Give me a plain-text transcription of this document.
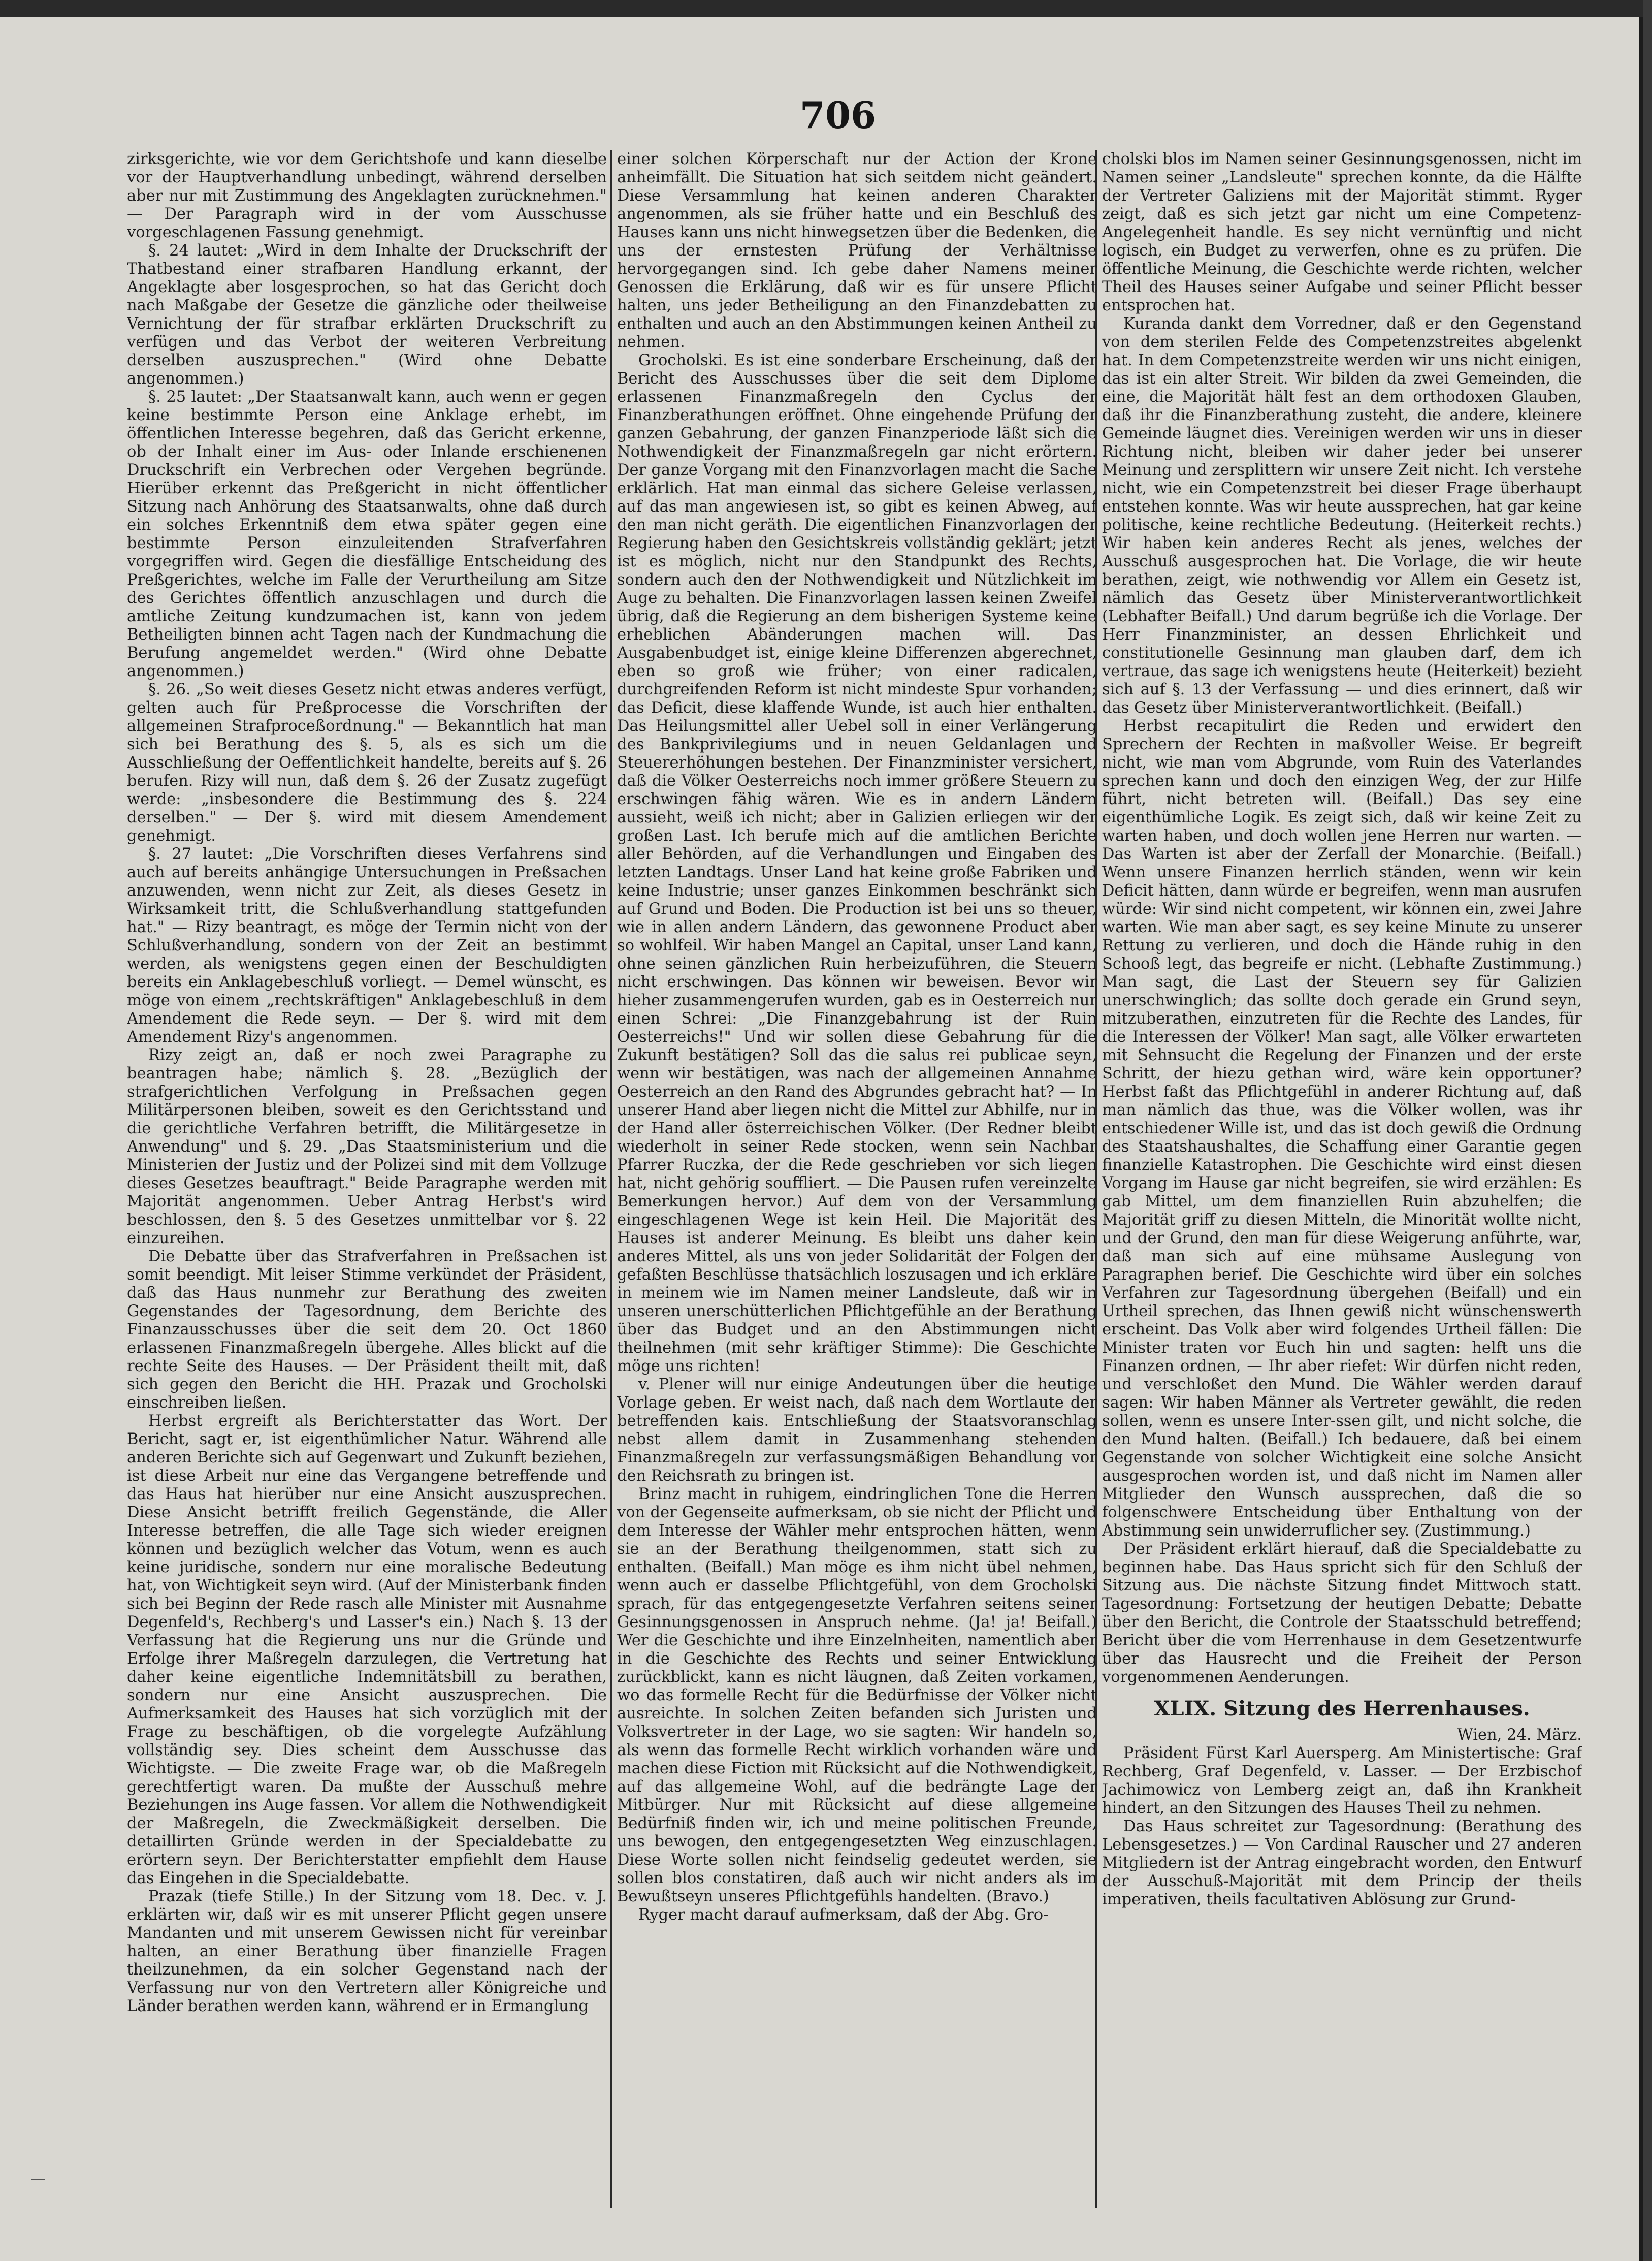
706

zirksgerichte, wie vor dem Gerichtshofe und kann dieselbe vor der Hauptverhandlung unbedingt, während derselben aber nur mit Zustimmung des Angeklagten zurücknehmen." — Der Paragraph wird in der vom Ausschusse vorgeschlagenen Fassung genehmigt.

§. 24 lautet: „Wird in dem Inhalte der Druckschrift der Thatbestand einer strafbaren Handlung erkannt, der Angeklagte aber losgesprochen, so hat das Gericht doch nach Maßgabe der Gesetze die gänzliche oder theilweise Vernichtung der für strafbar erklärten Druckschrift zu verfügen und das Verbot der weiteren Verbreitung derselben auszusprechen." (Wird ohne Debatte angenommen.)

§. 25 lautet: „Der Staatsanwalt kann, auch wenn er gegen keine bestimmte Person eine Anklage erhebt, im öffentlichen Interesse begehren, daß das Gericht erkenne, ob der Inhalt einer im Aus- oder Inlande erschienenen Druckschrift ein Verbrechen oder Vergehen begründe. Hierüber erkennt das Preßgericht in nicht öffentlicher Sitzung nach Anhörung des Staatsanwalts, ohne daß durch ein solches Erkenntniß dem etwa später gegen eine bestimmte Person einzuleitenden Strafverfahren vorgegriffen wird. Gegen die diesfällige Entscheidung des Preßgerichtes, welche im Falle der Verurtheilung am Sitze des Gerichtes öffentlich anzuschlagen und durch die amtliche Zeitung kundzumachen ist, kann von jedem Betheiligten binnen acht Tagen nach der Kundmachung die Berufung angemeldet werden." (Wird ohne Debatte angenommen.)

§. 26. „So weit dieses Gesetz nicht etwas anderes verfügt, gelten auch für Preßprocesse die Vorschriften der allgemeinen Strafproceßordnung." — Bekanntlich hat man sich bei Berathung des §. 5, als es sich um die Ausschließung der Oeffentlichkeit handelte, bereits auf §. 26 berufen. Rizy will nun, daß dem §. 26 der Zusatz zugefügt werde: „insbesondere die Bestimmung des §. 224 derselben." — Der §. wird mit diesem Amendement genehmigt.

§. 27 lautet: „Die Vorschriften dieses Verfahrens sind auch auf bereits anhängige Untersuchungen in Preßsachen anzuwenden, wenn nicht zur Zeit, als dieses Gesetz in Wirksamkeit tritt, die Schlußverhandlung stattgefunden hat." — Rizy beantragt, es möge der Termin nicht von der Schlußverhandlung, sondern von der Zeit an bestimmt werden, als wenigstens gegen einen der Beschuldigten bereits ein Anklagebeschluß vorliegt. — Demel wünscht, es möge von einem „rechtskräftigen" Anklagebeschluß in dem Amendement die Rede seyn. — Der §. wird mit dem Amendement Rizy's angenommen.

Rizy zeigt an, daß er noch zwei Paragraphe zu beantragen habe; nämlich §. 28. „Bezüglich der strafgerichtlichen Verfolgung in Preßsachen gegen Militärpersonen bleiben, soweit es den Gerichtsstand und die gerichtliche Verfahren betrifft, die Militärgesetze in Anwendung" und §. 29. „Das Staatsministerium und die Ministerien der Justiz und der Polizei sind mit dem Vollzuge dieses Gesetzes beauftragt." Beide Paragraphe werden mit Majorität angenommen. Ueber Antrag Herbst's wird beschlossen, den §. 5 des Gesetzes unmittelbar vor §. 22 einzureihen.

Die Debatte über das Strafverfahren in Preßsachen ist somit beendigt. Mit leiser Stimme verkündet der Präsident, daß das Haus nunmehr zur Berathung des zweiten Gegenstandes der Tagesordnung, dem Berichte des Finanzausschusses über die seit dem 20. Oct 1860 erlassenen Finanzmaßregeln übergehe. Alles blickt auf die rechte Seite des Hauses. — Der Präsident theilt mit, daß sich gegen den Bericht die HH. Prazak und Grocholski einschreiben ließen.

Herbst ergreift als Berichterstatter das Wort. Der Bericht, sagt er, ist eigenthümlicher Natur. Während alle anderen Berichte sich auf Gegenwart und Zukunft beziehen, ist diese Arbeit nur eine das Vergangene betreffende und das Haus hat hierüber nur eine Ansicht auszusprechen. Diese Ansicht betrifft freilich Gegenstände, die Aller Interesse betreffen, die alle Tage sich wieder ereignen können und bezüglich welcher das Votum, wenn es auch keine juridische, sondern nur eine moralische Bedeutung hat, von Wichtigkeit seyn wird. (Auf der Ministerbank finden sich bei Beginn der Rede rasch alle Minister mit Ausnahme Degenfeld's, Rechberg's und Lasser's ein.) Nach §. 13 der Verfassung hat die Regierung uns nur die Gründe und Erfolge ihrer Maßregeln darzulegen, die Vertretung hat daher keine eigentliche Indemnitätsbill zu berathen, sondern nur eine Ansicht auszusprechen. Die Aufmerksamkeit des Hauses hat sich vorzüglich mit der Frage zu beschäftigen, ob die vorgelegte Aufzählung vollständig sey. Dies scheint dem Ausschusse das Wichtigste. — Die zweite Frage war, ob die Maßregeln gerechtfertigt waren. Da mußte der Ausschuß mehre Beziehungen ins Auge fassen. Vor allem die Nothwendigkeit der Maßregeln, die Zweckmäßigkeit derselben. Die detaillirten Gründe werden in der Specialdebatte zu erörtern seyn. Der Berichterstatter empfiehlt dem Hause das Eingehen in die Specialdebatte.

Prazak (tiefe Stille.) In der Sitzung vom 18. Dec. v. J. erklärten wir, daß wir es mit unserer Pflicht gegen unsere Mandanten und mit unserem Gewissen nicht für vereinbar halten, an einer Berathung über finanzielle Fragen theilzunehmen, da ein solcher Gegenstand nach der Verfassung nur von den Vertretern aller Königreiche und Länder berathen werden kann, während er in Ermanglung

einer solchen Körperschaft nur der Action der Krone anheimfällt. Die Situation hat sich seitdem nicht geändert. Diese Versammlung hat keinen anderen Charakter angenommen, als sie früher hatte und ein Beschluß des Hauses kann uns nicht hinwegsetzen über die Bedenken, die uns der ernstesten Prüfung der Verhältnisse hervorgegangen sind. Ich gebe daher Namens meiner Genossen die Erklärung, daß wir es für unsere Pflicht halten, uns jeder Betheiligung an den Finanzdebatten zu enthalten und auch an den Abstimmungen keinen Antheil zu nehmen.

Grocholski. Es ist eine sonderbare Erscheinung, daß der Bericht des Ausschusses über die seit dem Diplome erlassenen Finanzmaßregeln den Cyclus der Finanzberathungen eröffnet. Ohne eingehende Prüfung der ganzen Gebahrung, der ganzen Finanzperiode läßt sich die Nothwendigkeit der Finanzmaßregeln gar nicht erörtern. Der ganze Vorgang mit den Finanzvorlagen macht die Sache erklärlich. Hat man einmal das sichere Geleise verlassen, auf das man angewiesen ist, so gibt es keinen Abweg, auf den man nicht geräth. Die eigentlichen Finanzvorlagen der Regierung haben den Gesichtskreis vollständig geklärt; jetzt ist es möglich, nicht nur den Standpunkt des Rechts, sondern auch den der Nothwendigkeit und Nützlichkeit im Auge zu behalten. Die Finanzvorlagen lassen keinen Zweifel übrig, daß die Regierung an dem bisherigen Systeme keine erheblichen Abänderungen machen will. Das Ausgabenbudget ist, einige kleine Differenzen abgerechnet, eben so groß wie früher; von einer radicalen, durchgreifenden Reform ist nicht mindeste Spur vorhanden; das Deficit, diese klaffende Wunde, ist auch hier enthalten. Das Heilungsmittel aller Uebel soll in einer Verlängerung des Bankprivilegiums und in neuen Geldanlagen und Steuererhöhungen bestehen. Der Finanzminister versichert, daß die Völker Oesterreichs noch immer größere Steuern zu erschwingen fähig wären. Wie es in andern Ländern aussieht, weiß ich nicht; aber in Galizien erliegen wir der großen Last. Ich berufe mich auf die amtlichen Berichte aller Behörden, auf die Verhandlungen und Eingaben des letzten Landtags. Unser Land hat keine große Fabriken und keine Industrie; unser ganzes Einkommen beschränkt sich auf Grund und Boden. Die Production ist bei uns so theuer, wie in allen andern Ländern, das gewonnene Product aber so wohlfeil. Wir haben Mangel an Capital, unser Land kann, ohne seinen gänzlichen Ruin herbeizuführen, die Steuern nicht erschwingen. Das können wir beweisen. Bevor wir hieher zusammengerufen wurden, gab es in Oesterreich nur einen Schrei: „Die Finanzgebahrung ist der Ruin Oesterreichs!" Und wir sollen diese Gebahrung für die Zukunft bestätigen? Soll das die salus rei publicae seyn, wenn wir bestätigen, was nach der allgemeinen Annahme Oesterreich an den Rand des Abgrundes gebracht hat? — In unserer Hand aber liegen nicht die Mittel zur Abhilfe, nur in der Hand aller österreichischen Völker. (Der Redner bleibt wiederholt in seiner Rede stocken, wenn sein Nachbar Pfarrer Ruczka, der die Rede geschrieben vor sich liegen hat, nicht gehörig souffliert. — Die Pausen rufen vereinzelte Bemerkungen hervor.) Auf dem von der Versammlung eingeschlagenen Wege ist kein Heil. Die Majorität des Hauses ist anderer Meinung. Es bleibt uns daher kein anderes Mittel, als uns von jeder Solidarität der Folgen der gefaßten Beschlüsse thatsächlich loszusagen und ich erkläre in meinem wie im Namen meiner Landsleute, daß wir in unseren unerschütterlichen Pflichtgefühle an der Berathung über das Budget und an den Abstimmungen nicht theilnehmen (mit sehr kräftiger Stimme): Die Geschichte möge uns richten!

v. Plener will nur einige Andeutungen über die heutige Vorlage geben. Er weist nach, daß nach dem Wortlaute der betreffenden kais. Entschließung der Staatsvoranschlag nebst allem damit in Zusammenhang stehenden Finanzmaßregeln zur verfassungsmäßigen Behandlung vor den Reichsrath zu bringen ist.

Brinz macht in ruhigem, eindringlichen Tone die Herren von der Gegenseite aufmerksam, ob sie nicht der Pflicht und dem Interesse der Wähler mehr entsprochen hätten, wenn sie an der Berathung theilgenommen, statt sich zu enthalten. (Beifall.) Man möge es ihm nicht übel nehmen, wenn auch er dasselbe Pflichtgefühl, von dem Grocholski sprach, für das entgegengesetzte Verfahren seitens seiner Gesinnungsgenossen in Anspruch nehme. (Ja! ja! Beifall.) Wer die Geschichte und ihre Einzelnheiten, namentlich aber in die Geschichte des Rechts und seiner Entwicklung zurückblickt, kann es nicht läugnen, daß Zeiten vorkamen, wo das formelle Recht für die Bedürfnisse der Völker nicht ausreichte. In solchen Zeiten befanden sich Juristen und Volksvertreter in der Lage, wo sie sagten: Wir handeln so, als wenn das formelle Recht wirklich vorhanden wäre und machen diese Fiction mit Rücksicht auf die Nothwendigkeit, auf das allgemeine Wohl, auf die bedrängte Lage der Mitbürger. Nur mit Rücksicht auf diese allgemeine Bedürfniß finden wir, ich und meine politischen Freunde, uns bewogen, den entgegengesetzten Weg einzuschlagen. Diese Worte sollen nicht feindselig gedeutet werden, sie sollen blos constatiren, daß auch wir nicht anders als im Bewußtseyn unseres Pflichtgefühls handelten. (Bravo.)

Ryger macht darauf aufmerksam, daß der Abg. Gro-

cholski blos im Namen seiner Gesinnungsgenossen, nicht im Namen seiner „Landsleute" sprechen konnte, da die Hälfte der Vertreter Galiziens mit der Majorität stimmt. Ryger zeigt, daß es sich jetzt gar nicht um eine Competenz-Angelegenheit handle. Es sey nicht vernünftig und nicht logisch, ein Budget zu verwerfen, ohne es zu prüfen. Die öffentliche Meinung, die Geschichte werde richten, welcher Theil des Hauses seiner Aufgabe und seiner Pflicht besser entsprochen hat.

Kuranda dankt dem Vorredner, daß er den Gegenstand von dem sterilen Felde des Competenzstreites abgelenkt hat. In dem Competenzstreite werden wir uns nicht einigen, das ist ein alter Streit. Wir bilden da zwei Gemeinden, die eine, die Majorität hält fest an dem orthodoxen Glauben, daß ihr die Finanzberathung zusteht, die andere, kleinere Gemeinde läugnet dies. Vereinigen werden wir uns in dieser Richtung nicht, bleiben wir daher jeder bei unserer Meinung und zersplittern wir unsere Zeit nicht. Ich verstehe nicht, wie ein Competenzstreit bei dieser Frage überhaupt entstehen konnte. Was wir heute aussprechen, hat gar keine politische, keine rechtliche Bedeutung. (Heiterkeit rechts.) Wir haben kein anderes Recht als jenes, welches der Ausschuß ausgesprochen hat. Die Vorlage, die wir heute berathen, zeigt, wie nothwendig vor Allem ein Gesetz ist, nämlich das Gesetz über Ministerverantwortlichkeit (Lebhafter Beifall.) Und darum begrüße ich die Vorlage. Der Herr Finanzminister, an dessen Ehrlichkeit und constitutionelle Gesinnung man glauben darf, dem ich vertraue, das sage ich wenigstens heute (Heiterkeit) bezieht sich auf §. 13 der Verfassung — und dies erinnert, daß wir das Gesetz über Ministerverantwortlichkeit. (Beifall.)

Herbst recapitulirt die Reden und erwidert den Sprechern der Rechten in maßvoller Weise. Er begreift nicht, wie man vom Abgrunde, vom Ruin des Vaterlandes sprechen kann und doch den einzigen Weg, der zur Hilfe führt, nicht betreten will. (Beifall.) Das sey eine eigenthümliche Logik. Es zeigt sich, daß wir keine Zeit zu warten haben, und doch wollen jene Herren nur warten. — Das Warten ist aber der Zerfall der Monarchie. (Beifall.) Wenn unsere Finanzen herrlich ständen, wenn wir kein Deficit hätten, dann würde er begreifen, wenn man ausrufen würde: Wir sind nicht competent, wir können ein, zwei Jahre warten. Wie man aber sagt, es sey keine Minute zu unserer Rettung zu verlieren, und doch die Hände ruhig in den Schooß legt, das begreife er nicht. (Lebhafte Zustimmung.) Man sagt, die Last der Steuern sey für Galizien unerschwinglich; das sollte doch gerade ein Grund seyn, mitzuberathen, einzutreten für die Rechte des Landes, für die Interessen der Völker! Man sagt, alle Völker erwarteten mit Sehnsucht die Regelung der Finanzen und der erste Schritt, der hiezu gethan wird, wäre kein opportuner? Herbst faßt das Pflichtgefühl in anderer Richtung auf, daß man nämlich das thue, was die Völker wollen, was ihr entschiedener Wille ist, und das ist doch gewiß die Ordnung des Staatshaushaltes, die Schaffung einer Garantie gegen finanzielle Katastrophen. Die Geschichte wird einst diesen Vorgang im Hause gar nicht begreifen, sie wird erzählen: Es gab Mittel, um dem finanziellen Ruin abzuhelfen; die Majorität griff zu diesen Mitteln, die Minorität wollte nicht, und der Grund, den man für diese Weigerung anführte, war, daß man sich auf eine mühsame Auslegung von Paragraphen berief. Die Geschichte wird über ein solches Verfahren zur Tagesordnung übergehen (Beifall) und ein Urtheil sprechen, das Ihnen gewiß nicht wünschenswerth erscheint. Das Volk aber wird folgendes Urtheil fällen: Die Minister traten vor Euch hin und sagten: helft uns die Finanzen ordnen, — Ihr aber riefet: Wir dürfen nicht reden, und verschloßet den Mund. Die Wähler werden darauf sagen: Wir haben Männer als Vertreter gewählt, die reden sollen, wenn es unsere Inter-ssen gilt, und nicht solche, die den Mund halten. (Beifall.) Ich bedauere, daß bei einem Gegenstande von solcher Wichtigkeit eine solche Ansicht ausgesprochen worden ist, und daß nicht im Namen aller Mitglieder den Wunsch aussprechen, daß die so folgenschwere Entscheidung über Enthaltung von der Abstimmung sein unwiderruflicher sey. (Zustimmung.)

Der Präsident erklärt hierauf, daß die Specialdebatte zu beginnen habe. Das Haus spricht sich für den Schluß der Sitzung aus. Die nächste Sitzung findet Mittwoch statt. Tagesordnung: Fortsetzung der heutigen Debatte; Debatte über den Bericht, die Controle der Staatsschuld betreffend; Bericht über die vom Herrenhause in dem Gesetzentwurfe über das Hausrecht und die Freiheit der Person vorgenommenen Aenderungen.

XLIX. Sitzung des Herrenhauses.

Wien, 24. März.

Präsident Fürst Karl Auersperg. Am Ministertische: Graf Rechberg, Graf Degenfeld, v. Lasser. — Der Erzbischof Jachimowicz von Lemberg zeigt an, daß ihn Krankheit hindert, an den Sitzungen des Hauses Theil zu nehmen.

Das Haus schreitet zur Tagesordnung: (Berathung des Lebensgesetzes.) — Von Cardinal Rauscher und 27 anderen Mitgliedern ist der Antrag eingebracht worden, den Entwurf der Ausschuß-Majorität mit dem Princip der theils imperativen, theils facultativen Ablösung zur Grund-
